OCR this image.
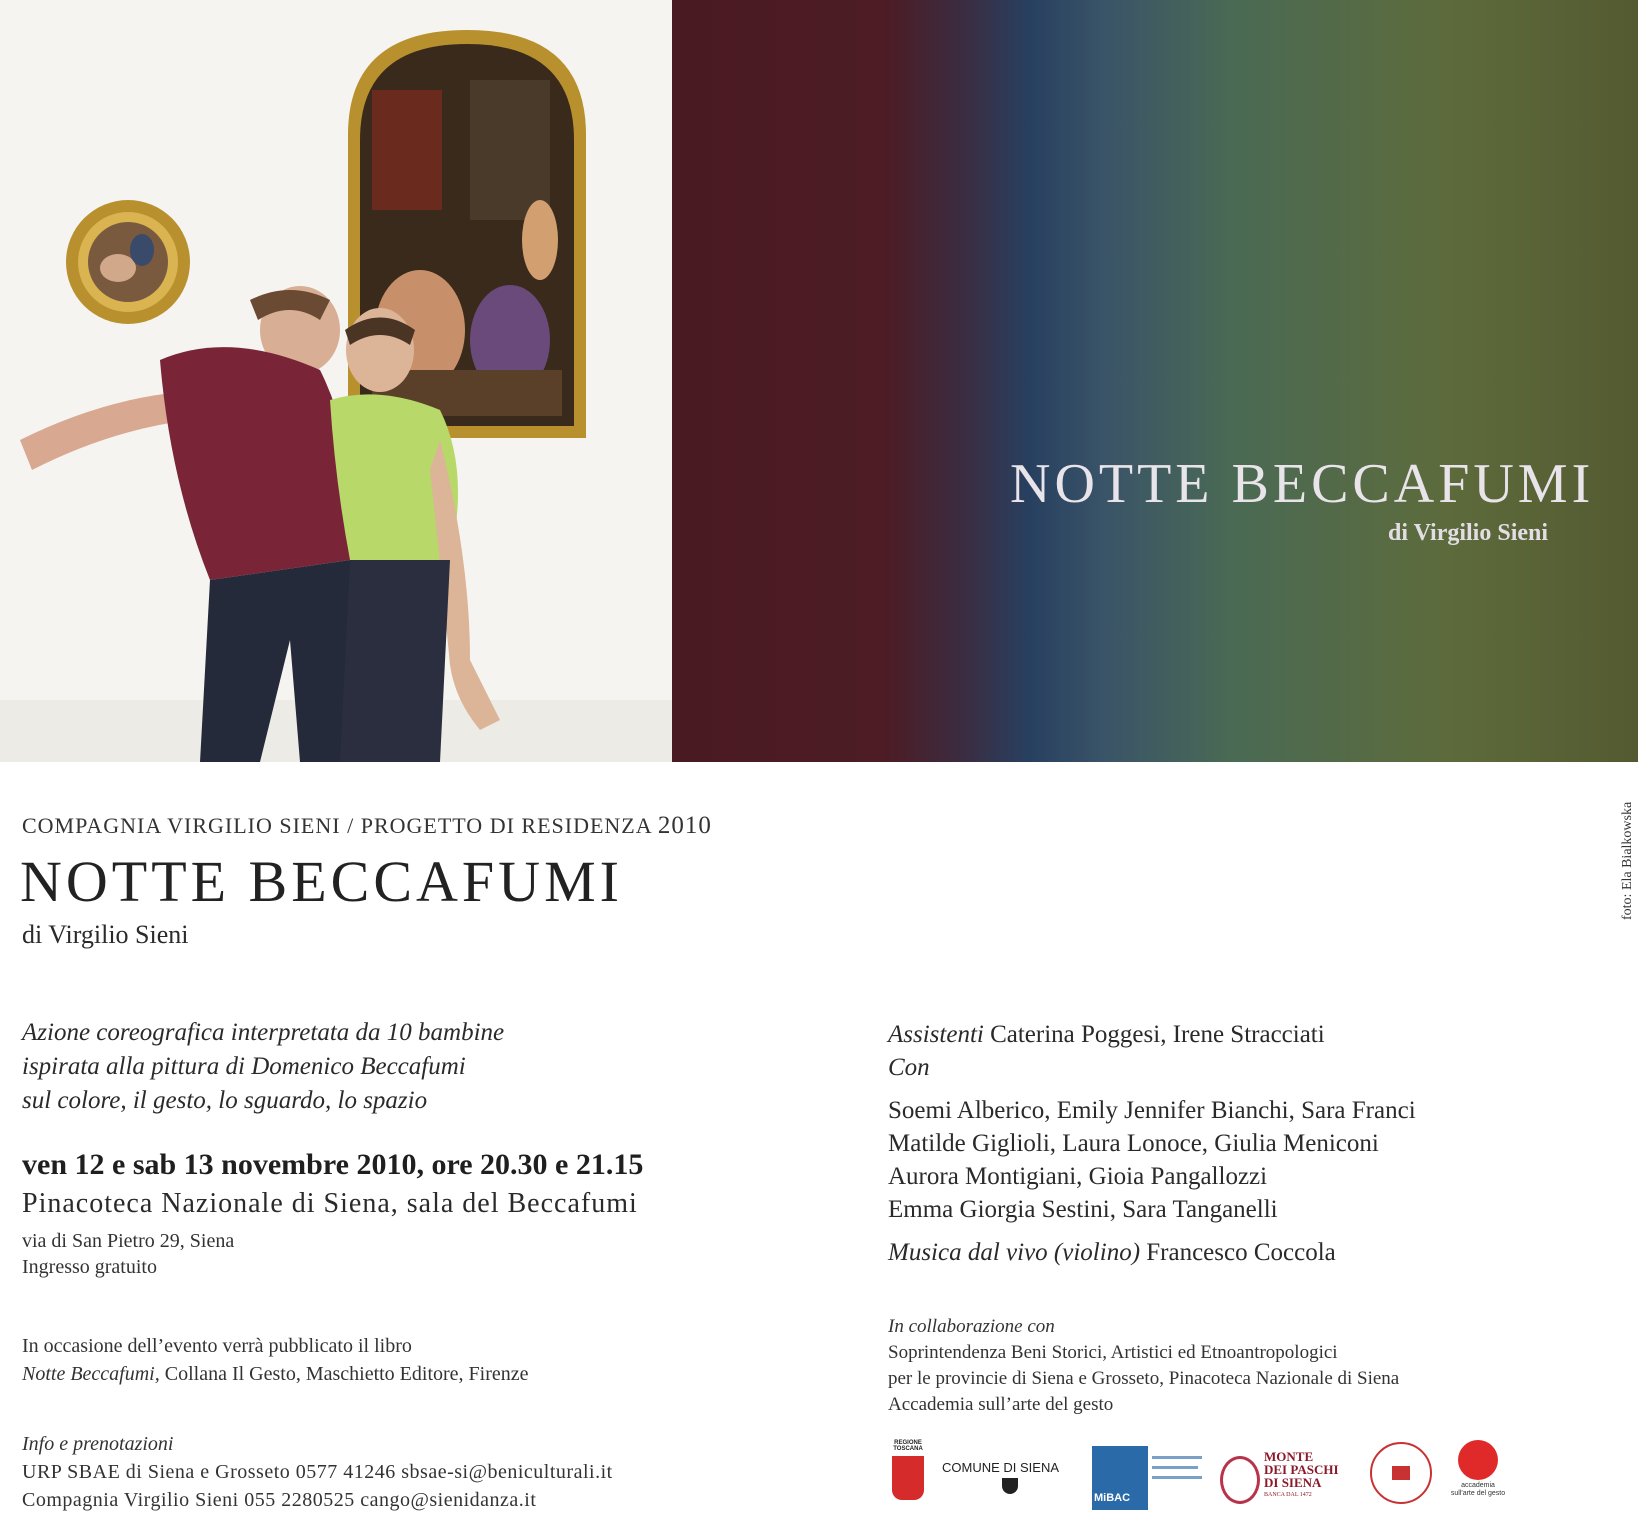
NOTTE BECCAFUMI
di Virgilio Sieni
foto: Ela Bialkowska
COMPAGNIA VIRGILIO SIENI / PROGETTO DI RESIDENZA 2010
NOTTE BECCAFUMI
di Virgilio Sieni
Azione coreografica interpretata da 10 bambine
ispirata alla pittura di Domenico Beccafumi
sul colore, il gesto, lo sguardo, lo spazio
ven 12 e sab 13 novembre 2010, ore 20.30 e 21.15
Pinacoteca Nazionale di Siena, sala del Beccafumi
via di San Pietro 29, Siena
Ingresso gratuito
In occasione dell’evento verrà pubblicato il libro
Notte Beccafumi, Collana Il Gesto, Maschietto Editore, Firenze
Info e prenotazioni
URP SBAE di Siena e Grosseto 0577 41246 sbsae-si@beniculturali.it
Compagnia Virgilio Sieni 055 2280525 cango@sienidanza.it
Assistenti Caterina Poggesi, Irene Stracciati
Con
Soemi Alberico, Emily Jennifer Bianchi, Sara Franci
Matilde Giglioli, Laura Lonoce, Giulia Meniconi
Aurora Montigiani, Gioia Pangallozzi
Emma Giorgia Sestini, Sara Tanganelli
Musica dal vivo (violino) Francesco Coccola
In collaborazione con
Soprintendenza Beni Storici, Artistici ed Etnoantropologici
per le provincie di Siena e Grosseto, Pinacoteca Nazionale di Siena
Accademia sull’arte del gesto
REGIONE TOSCANA
COMUNE DI SIENA
MiBAC
MONTE
DEI PASCHI
DI SIENA
BANCA DAL 1472
accademia sull'arte del gesto
